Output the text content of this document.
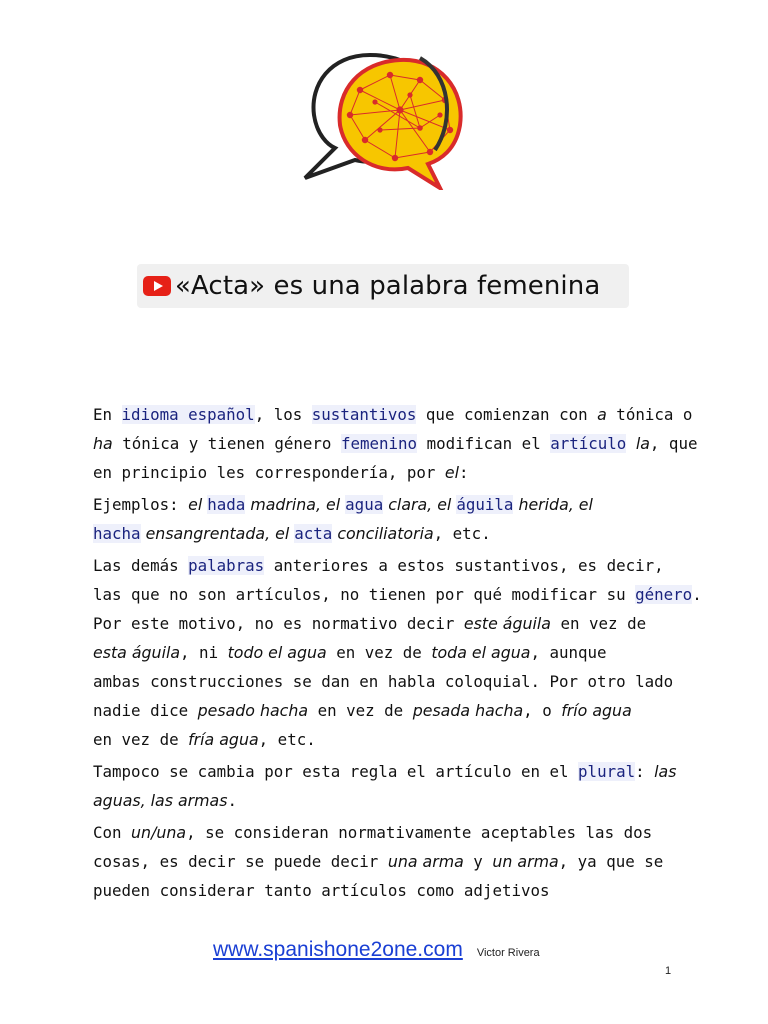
«Acta» es una palabra femenina

En idioma español, los sustantivos que comienzan con a tónica o
ha tónica y tienen género femenino modifican el artículo la, que
en principio les correspondería, por el:

Ejemplos: el hada madrina, el agua clara, el águila herida, el
hacha ensangrentada, el acta conciliatoria, etc.

Las demás palabras anteriores a estos sustantivos, es decir,
las que no son artículos, no tienen por qué modificar su género.
Por este motivo, no es normativo decir este águila en vez de
esta águila, ni todo el agua en vez de toda el agua, aunque
ambas construcciones se dan en habla coloquial. Por otro lado
nadie dice pesado hacha en vez de pesada hacha, o frío agua
en vez de fría agua, etc.

Tampoco se cambia por esta regla el artículo en el plural: las
aguas, las armas.

Con un/una, se consideran normativamente aceptables las dos
cosas, es decir se puede decir una arma y un arma, ya que se
pueden considerar tanto artículos como adjetivos

www.spanishone2one.com Victor Rivera
1
